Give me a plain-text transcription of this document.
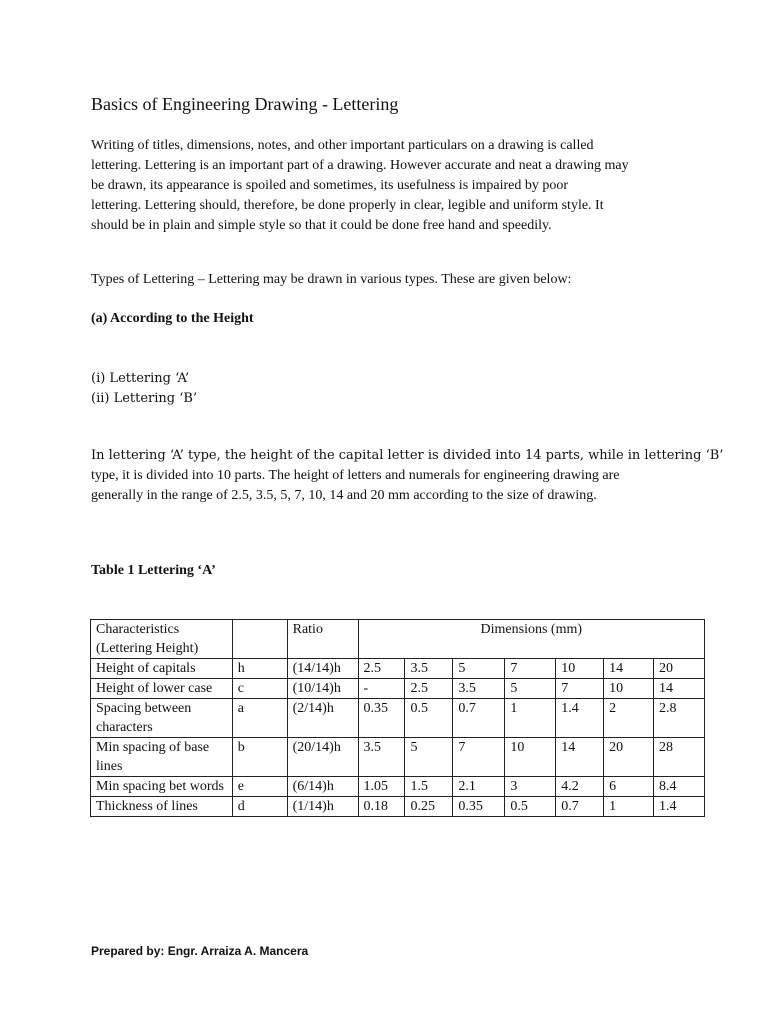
Basics of Engineering Drawing - Lettering
Writing of titles, dimensions, notes, and other important particulars on a drawing is called
lettering. Lettering is an important part of a drawing. However accurate and neat a drawing may
be drawn, its appearance is spoiled and sometimes, its usefulness is impaired by poor
lettering. Lettering should, therefore, be done properly in clear, legible and uniform style. It
should be in plain and simple style so that it could be done free hand and speedily.
Types of Lettering – Lettering may be drawn in various types. These are given below:
(a) According to the Height
(i) Lettering ‘A’
(ii) Lettering ‘B’
In lettering ‘A’ type, the height of the capital letter is divided into 14 parts, while in lettering ‘B’
type, it is divided into 10 parts. The height of letters and numerals for engineering drawing are
generally in the range of 2.5, 3.5, 5, 7, 10, 14 and 20 mm according to the size of drawing.
Table 1 Lettering ‘A’
Characteristics (Lettering Height)		Ratio	Dimensions (mm)						
Height of capitals	h	(14/14)h	2.5	3.5	5	7	10	14	20
Height of lower case	c	(10/14)h	-	2.5	3.5	5	7	10	14
Spacing between characters	a	(2/14)h	0.35	0.5	0.7	1	1.4	2	2.8
Min spacing of base lines	b	(20/14)h	3.5	5	7	10	14	20	28
Min spacing bet words	e	(6/14)h	1.05	1.5	2.1	3	4.2	6	8.4
Thickness of lines	d	(1/14)h	0.18	0.25	0.35	0.5	0.7	1	1.4
Prepared by: Engr. Arraiza A. Mancera
